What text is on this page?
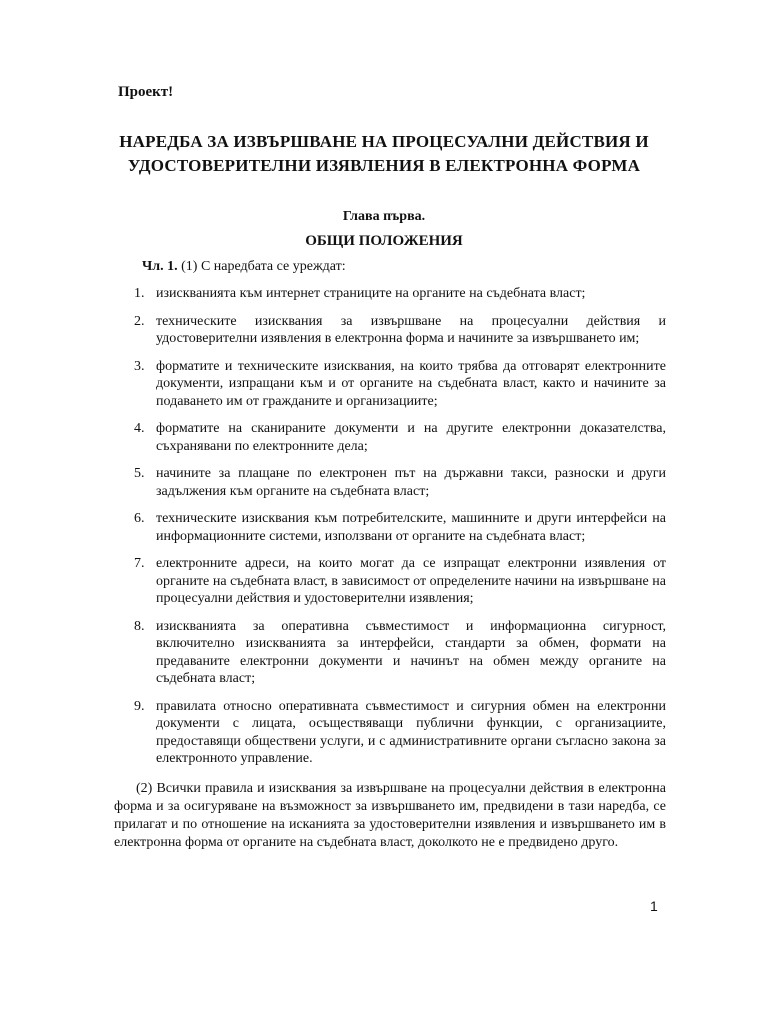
Проект!
НАРЕДБА ЗА ИЗВЪРШВАНЕ НА ПРОЦЕСУАЛНИ ДЕЙСТВИЯ И
УДОСТОВЕРИТЕЛНИ ИЗЯВЛЕНИЯ В ЕЛЕКТРОННА ФОРМА
Глава първа.
ОБЩИ ПОЛОЖЕНИЯ
Чл. 1. (1) С наредбата се уреждат:
1. изискванията към интернет страниците на органите на съдебната власт;
2. техническите изисквания за извършване на процесуални действия и удостоверителни изявления в електронна форма и начините за извършването им;
3. форматите и техническите изисквания, на които трябва да отговарят електронните документи, изпращани към и от органите на съдебната власт, както и начините за подаването им от гражданите и организациите;
4. форматите на сканираните документи и на другите електронни доказателства, съхранявани по електронните дела;
5. начините за плащане по електронен път на държавни такси, разноски и други задължения към органите на съдебната власт;
6. техническите изисквания към потребителските, машинните и други интерфейси на информационните системи, използвани от органите на съдебната власт;
7. електронните адреси, на които могат да се изпращат електронни изявления от органите на съдебната власт, в зависимост от определените начини на извършване на процесуални действия и удостоверителни изявления;
8. изискванията за оперативна съвместимост и информационна сигурност, включително изискванията за интерфейси, стандарти за обмен, формати на предаваните електронни документи и начинът на обмен между органите на съдебната власт;
9. правилата относно оперативната съвместимост и сигурния обмен на електронни документи с лицата, осъществяващи публични функции, с организациите, предоставящи обществени услуги, и с административните органи съгласно закона за електронното управление.
(2) Всички правила и изисквания за извършване на процесуални действия в електронна форма и за осигуряване на възможност за извършването им, предвидени в тази наредба, се прилагат и по отношение на исканията за удостоверителни изявления и извършването им в електронна форма от органите на съдебната власт, доколкото не е предвидено друго.
1
